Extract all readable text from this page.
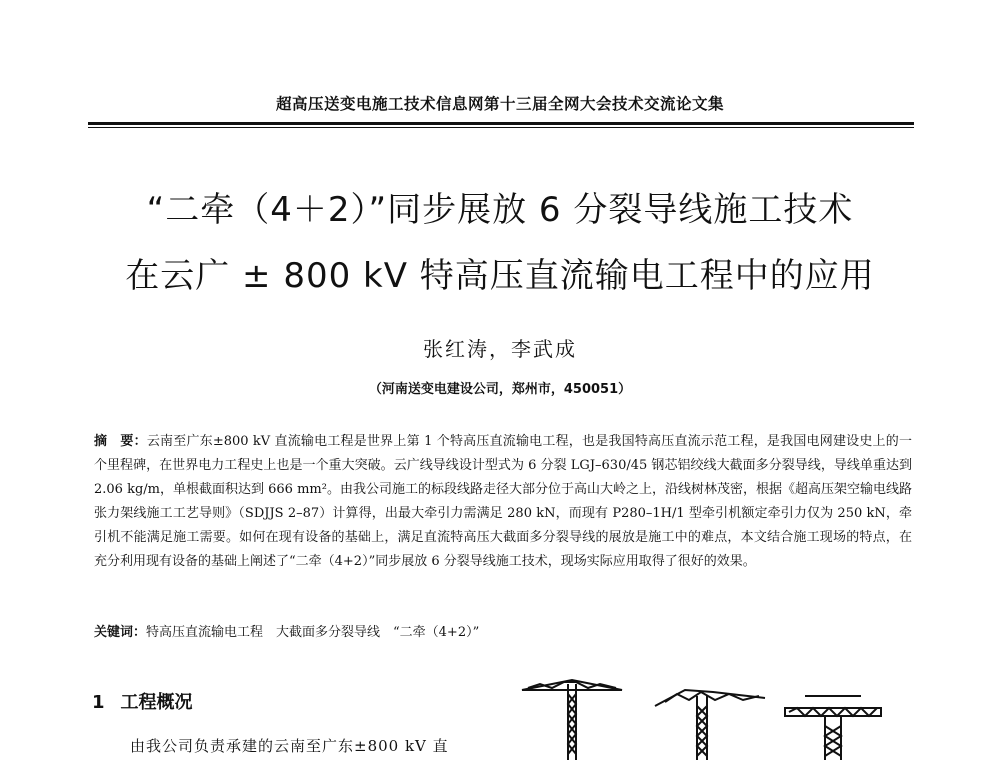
超高压送变电施工技术信息网第十三届全网大会技术交流论文集
“二牵（4＋2）”同步展放 6 分裂导线施工技术
在云广 ± 800 kV 特高压直流输电工程中的应用
张红涛，李武成
（河南送变电建设公司，郑州市，450051）
摘　要：云南至广东±800 kV 直流输电工程是世界上第 1 个特高压直流输电工程，也是我国特高压直流示范工程，是我国电网建设史上的一个里程碑，在世界电力工程史上也是一个重大突破。云广线导线设计型式为 6 分裂 LGJ–630/45 钢芯铝绞线大截面多分裂导线，导线单重达到 2.06 kg/m，单根截面积达到 666 mm²。由我公司施工的标段线路走径大部分位于高山大岭之上，沿线树林茂密，根据《超高压架空输电线路张力架线施工工艺导则》（SDJJS 2–87）计算得，出最大牵引力需满足 280 kN，而现有 P280–1H/1 型牵引机额定牵引力仅为 250 kN，牵引机不能满足施工需要。如何在现有设备的基础上，满足直流特高压大截面多分裂导线的展放是施工中的难点，本文结合施工现场的特点，在充分利用现有设备的基础上阐述了“二牵（4+2）”同步展放 6 分裂导线施工技术，现场实际应用取得了很好的效果。
关键词：特高压直流输电工程　大截面多分裂导线　“二牵（4+2）”
1 工程概况
由我公司负责承建的云南至广东±800 kV 直
